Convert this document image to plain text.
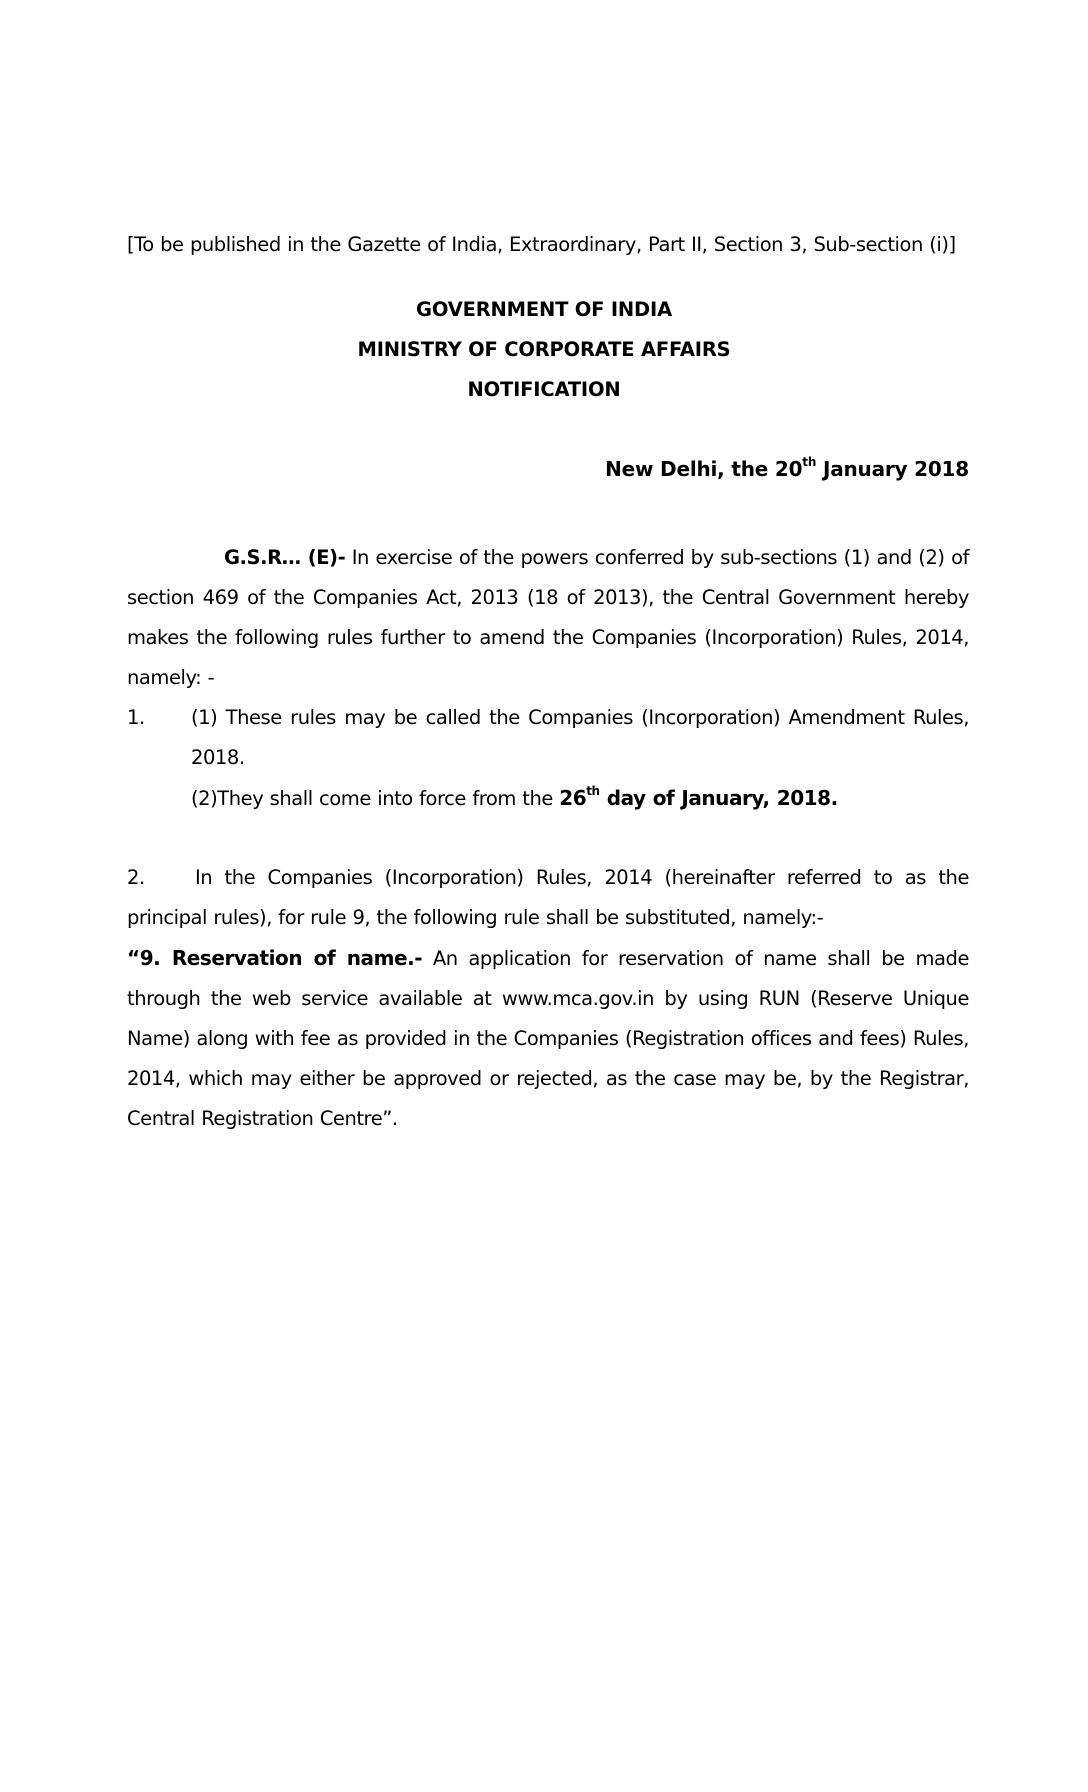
[To be published in the Gazette of India, Extraordinary, Part II, Section 3, Sub-section (i)]
GOVERNMENT OF INDIA
MINISTRY OF CORPORATE AFFAIRS
NOTIFICATION
New Delhi, the 20th January 2018
G.S.R… (E)- In exercise of the powers conferred by sub-sections (1) and (2) of section 469 of the Companies Act, 2013 (18 of 2013), the Central Government hereby makes the following rules further to amend the Companies (Incorporation) Rules, 2014, namely: -
1. (1) These rules may be called the Companies (Incorporation) Amendment Rules, 2018.
(2)They shall come into force from the 26th day of January, 2018.
2.	In the Companies (Incorporation) Rules, 2014 (hereinafter referred to as the principal rules), for rule 9, the following rule shall be substituted, namely:-
“9. Reservation of name.- An application for reservation of name shall be made through the web service available at www.mca.gov.in by using RUN (Reserve Unique Name) along with fee as provided in the Companies (Registration offices and fees) Rules, 2014, which may either be approved or rejected, as the case may be, by the Registrar, Central Registration Centre”.
